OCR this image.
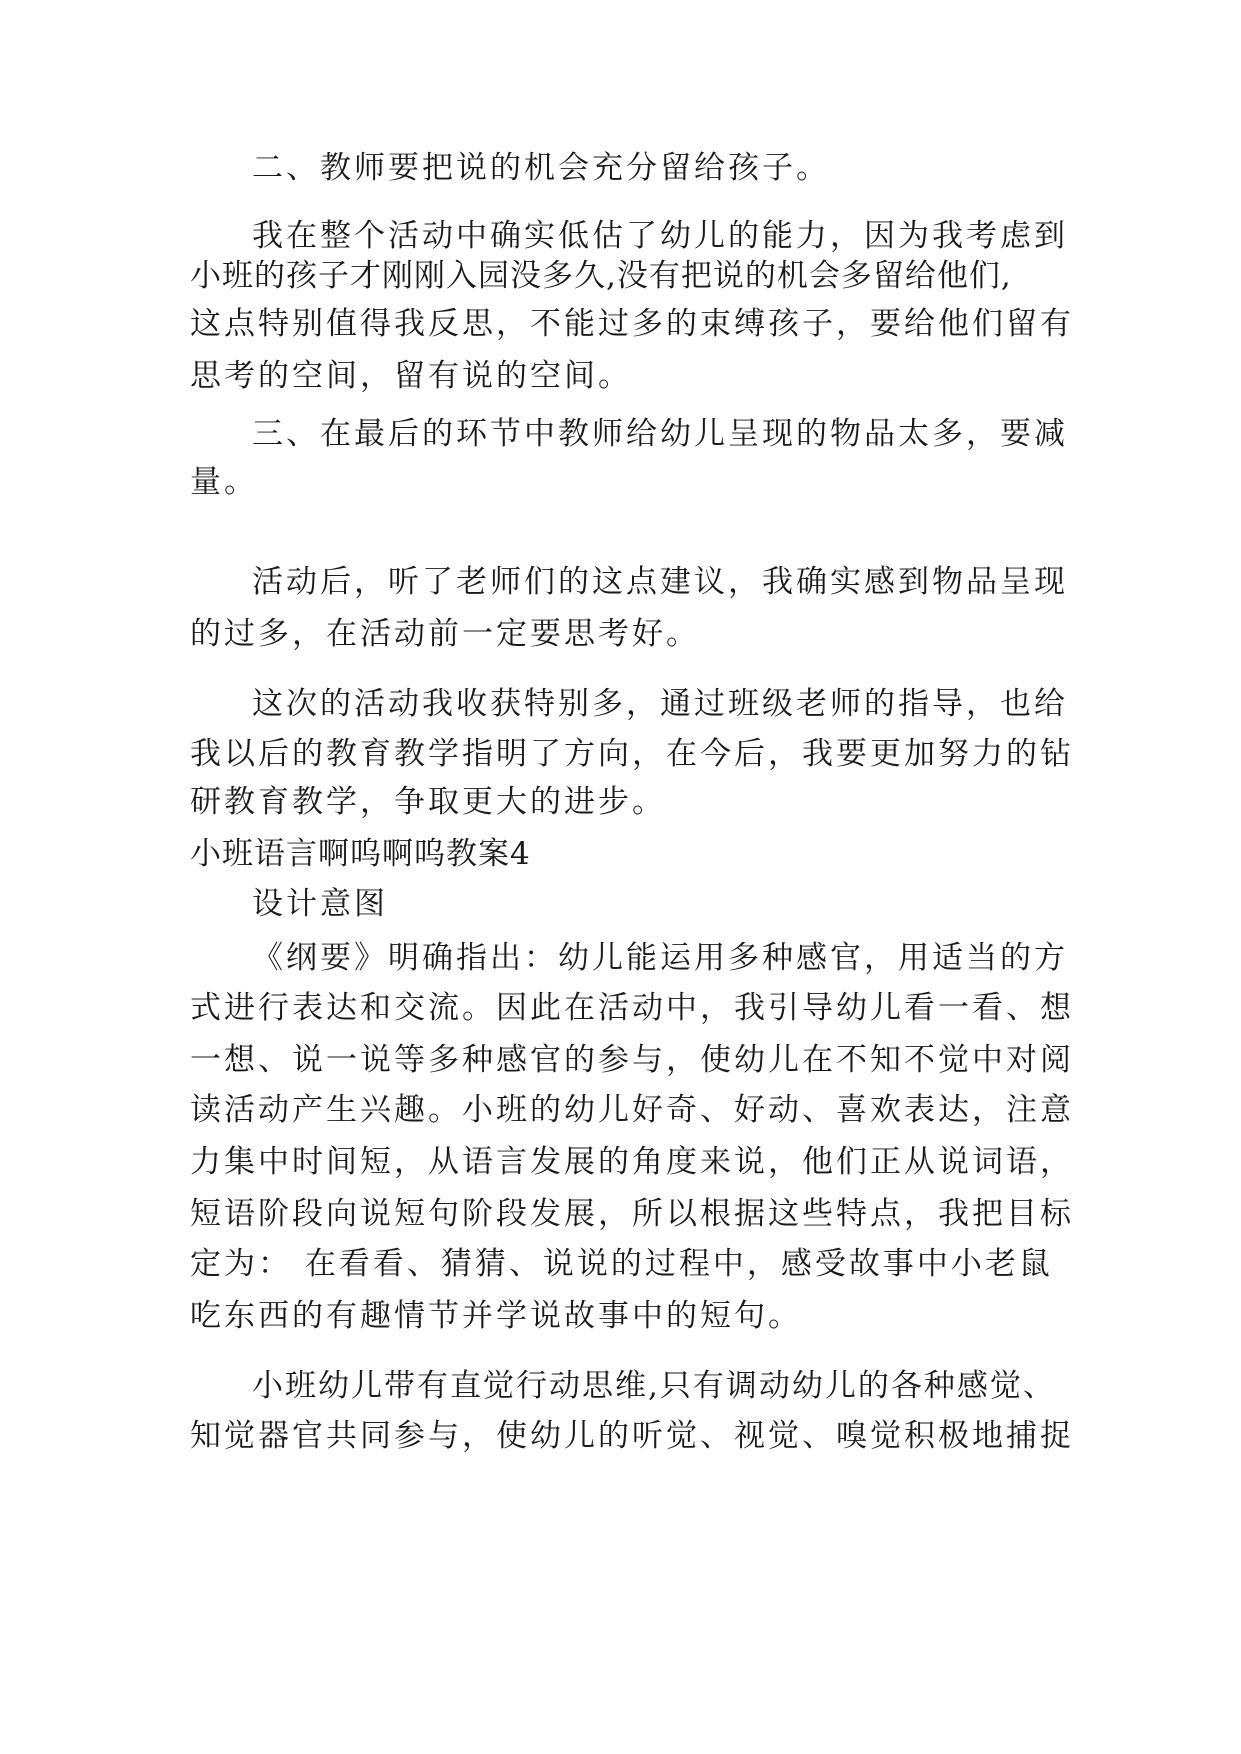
二、教师要把说的机会充分留给孩子。
我在整个活动中确实低估了幼儿的能力，因为我考虑到
小班的孩子才刚刚入园没多久,没有把说的机会多留给他们,
这点特别值得我反思，不能过多的束缚孩子，要给他们留有
思考的空间，留有说的空间。
三、在最后的环节中教师给幼儿呈现的物品太多，要减
量。
活动后，听了老师们的这点建议，我确实感到物品呈现
的过多，在活动前一定要思考好。
这次的活动我收获特别多，通过班级老师的指导，也给
我以后的教育教学指明了方向，在今后，我要更加努力的钻
研教育教学，争取更大的进步。
小班语言啊呜啊呜教案4
设计意图
《纲要》明确指出：幼儿能运用多种感官，用适当的方
式进行表达和交流。因此在活动中，我引导幼儿看一看、想
一想、说一说等多种感官的参与，使幼儿在不知不觉中对阅
读活动产生兴趣。小班的幼儿好奇、好动、喜欢表达，注意
力集中时间短，从语言发展的角度来说，他们正从说词语，
短语阶段向说短句阶段发展，所以根据这些特点，我把目标
定为： 在看看、猜猜、说说的过程中，感受故事中小老鼠
吃东西的有趣情节并学说故事中的短句。
小班幼儿带有直觉行动思维,只有调动幼儿的各种感觉、
知觉器官共同参与，使幼儿的听觉、视觉、嗅觉积极地捕捉
